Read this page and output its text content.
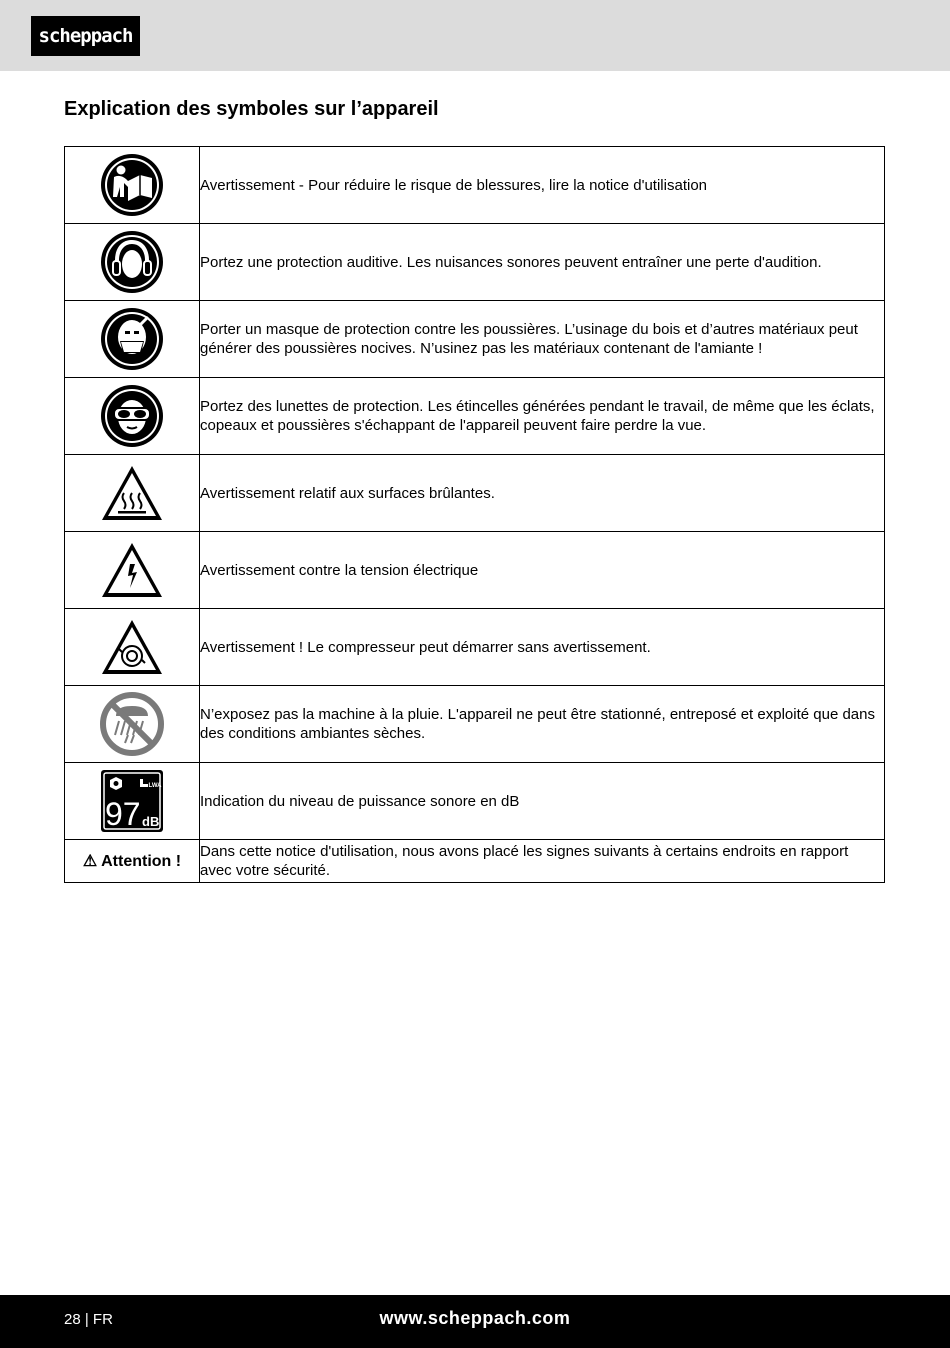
scheppach
Explication des symboles sur l’appareil
	Avertissement - Pour réduire le risque de blessures, lire la notice d'utilisation

	Portez une protection auditive. Les nuisances sonores peuvent entraîner une perte d'audition.

	Porter un masque de protection contre les poussières. L’usinage du bois et d’autres matériaux peut générer des poussières nocives. N’usinez pas les matériaux contenant de l'amiante !

	Portez des lunettes de protection. Les étincelles générées pendant le travail, de même que les éclats, copeaux et poussières s'échappant de l'appareil peuvent faire perdre la vue.

	Avertissement relatif aux surfaces brûlantes.

	Avertissement contre la tension électrique

	Avertissement ! Le compresseur peut démarrer sans avertissement.

	N’exposez pas la machine à la pluie. L'appareil ne peut être stationné, entreposé et exploité que dans des conditions ambiantes sèches.

LWA
97 dB	Indication du niveau de puissance sonore en dB
⚠ Attention !	Dans cette notice d'utilisation, nous avons placé les signes suivants à certains endroits en rapport avec votre sécurité.
28 | FR	www.scheppach.com
